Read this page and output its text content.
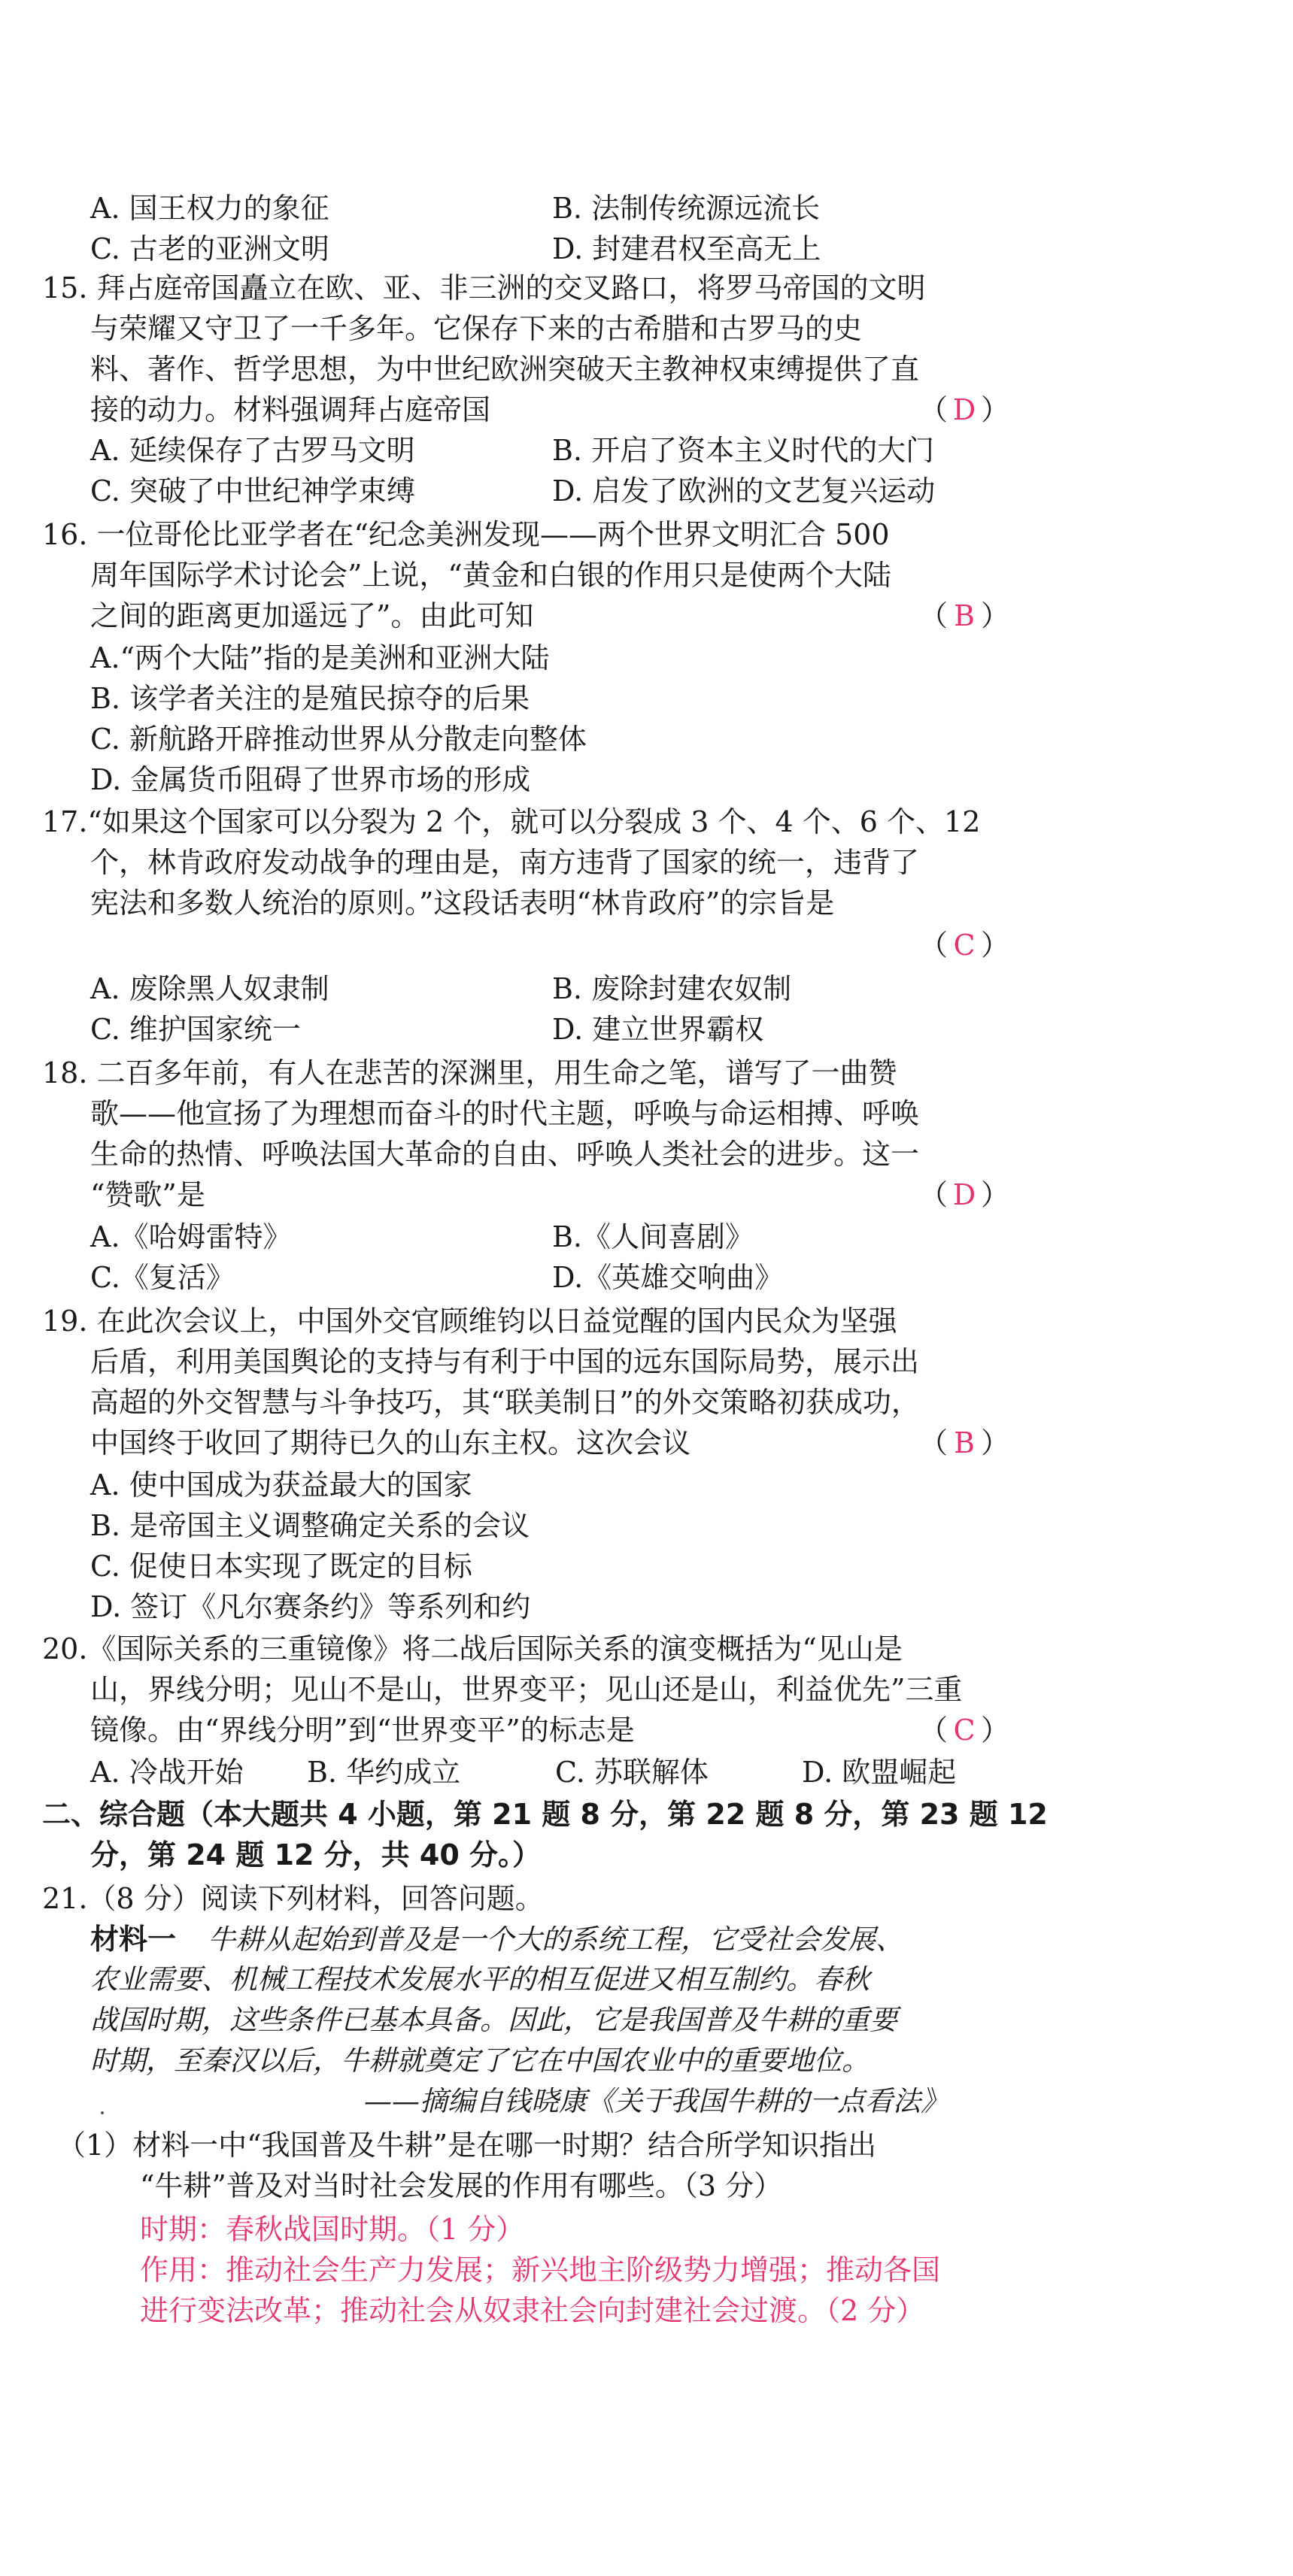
A. 国王权力的象征	B. 法制传统源远流长
C. 古老的亚洲文明	D. 封建君权至高无上
15. 拜占庭帝国矗立在欧、亚、非三洲的交叉路口，将罗马帝国的文明
与荣耀又守卫了一千多年。它保存下来的古希腊和古罗马的史
料、著作、哲学思想，为中世纪欧洲突破天主教神权束缚提供了直
接的动力。材料强调拜占庭帝国	（ D ）
A. 延续保存了古罗马文明	B. 开启了资本主义时代的大门
C. 突破了中世纪神学束缚	D. 启发了欧洲的文艺复兴运动
16. 一位哥伦比亚学者在“纪念美洲发现——两个世界文明汇合 500
周年国际学术讨论会”上说，“黄金和白银的作用只是使两个大陆
之间的距离更加遥远了”。由此可知	（ B ）
A.“两个大陆”指的是美洲和亚洲大陆
B. 该学者关注的是殖民掠夺的后果
C. 新航路开辟推动世界从分散走向整体
D. 金属货币阻碍了世界市场的形成
17.“如果这个国家可以分裂为 2 个，就可以分裂成 3 个、4 个、6 个、12
个，林肯政府发动战争的理由是，南方违背了国家的统一，违背了
宪法和多数人统治的原则。”这段话表明“林肯政府”的宗旨是
（ C ）
A. 废除黑人奴隶制	B. 废除封建农奴制
C. 维护国家统一	D. 建立世界霸权
18. 二百多年前，有人在悲苦的深渊里，用生命之笔，谱写了一曲赞
歌——他宣扬了为理想而奋斗的时代主题，呼唤与命运相搏、呼唤
生命的热情、呼唤法国大革命的自由、呼唤人类社会的进步。这一
“赞歌”是	（ D ）
A.《哈姆雷特》	B.《人间喜剧》
C.《复活》	D.《英雄交响曲》
19. 在此次会议上，中国外交官顾维钧以日益觉醒的国内民众为坚强
后盾，利用美国舆论的支持与有利于中国的远东国际局势，展示出
高超的外交智慧与斗争技巧，其“联美制日”的外交策略初获成功，
中国终于收回了期待已久的山东主权。这次会议	（ B ）
A. 使中国成为获益最大的国家
B. 是帝国主义调整确定关系的会议
C. 促使日本实现了既定的目标
D. 签订《凡尔赛条约》等系列和约
20.《国际关系的三重镜像》将二战后国际关系的演变概括为“见山是
山，界线分明；见山不是山，世界变平；见山还是山，利益优先”三重
镜像。由“界线分明”到“世界变平”的标志是	（ C ）
A. 冷战开始 B. 华约成立	C. 苏联解体	D. 欧盟崛起
二、综合题（本大题共 4 小题，第 21 题 8 分，第 22 题 8 分，第 23 题 12
分，第 24 题 12 分，共 40 分。）
21.（8 分）阅读下列材料，回答问题。
材料一 牛耕从起始到普及是一个大的系统工程，它受社会发展、
农业需要、机械工程技术发展水平的相互促进又相互制约。春秋
战国时期，这些条件已基本具备。因此，它是我国普及牛耕的重要
时期，至秦汉以后，牛耕就奠定了它在中国农业中的重要地位。
——摘编自钱晓康《关于我国牛耕的一点看法》
（1）材料一中“我国普及牛耕”是在哪一时期？结合所学知识指出
“牛耕”普及对当时社会发展的作用有哪些。（3 分）
时期：春秋战国时期。（1 分）
作用：推动社会生产力发展；新兴地主阶级势力增强；推动各国
进行变法改革；推动社会从奴隶社会向封建社会过渡。（2 分）
